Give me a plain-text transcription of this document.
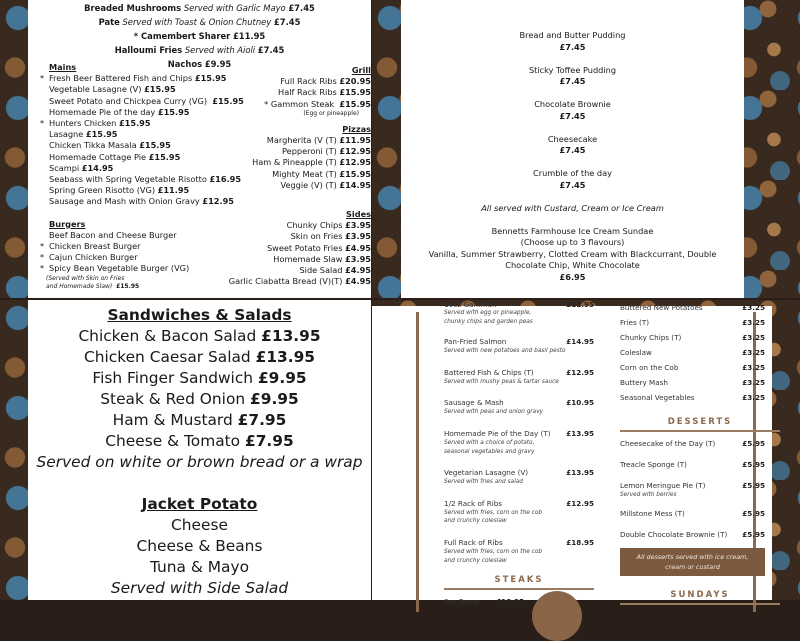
Breaded Mushrooms Served with Garlic Mayo £7.45
Pate Served with Toast & Onion Chutney £7.45
* Camembert Sharer £11.95
Halloumi Fries Served with Aioli £7.45
Nachos £9.95
Mains
* Fresh Beer Battered Fish and Chips £15.95
Vegetable Lasagne (V) £15.95
Sweet Potato and Chickpea Curry (VG) £15.95
Homemade Pie of the day £15.95
* Hunters Chicken £15.95
Lasagne £15.95
Chicken Tikka Masala £15.95
Homemade Cottage Pie £15.95
Scampi £14.95
Seabass with Spring Vegetable Risotto £16.95
Spring Green Risotto (VG) £11.95
Sausage and Mash with Onion Gravy £12.95
Burgers
Beef Bacon and Cheese Burger
* Chicken Breast Burger
* Cajun Chicken Burger
* Spicy Bean Vegetable Burger (VG)
(Served with Skin on Fries
and Homemade Slaw) £15.95
Grill
Full Rack Ribs £20.95
Half Rack Ribs £15.95
* Gammon Steak £15.95
(Egg or pineapple)
Pizzas
Margherita (V (T) £11.95
Pepperoni (T) £12.95
Ham & Pineapple (T) £12.95
Mighty Meat (T) £15.95
Veggie (V) (T) £14.95
Sides
Chunky Chips £3.95
Skin on Fries £3.95
Sweet Potato Fries £4.95
Homemade Slaw £3.95
Side Salad £4.95
Garlic Ciabatta Bread (V)(T) £4.95
Bread and Butter Pudding
£7.45
Sticky Toffee Pudding
£7.45
Chocolate Brownie
£7.45
Cheesecake
£7.45
Crumble of the day
£7.45
All served with Custard, Cream or Ice Cream
Bennetts Farmhouse Ice Cream Sundae
(Choose up to 3 flavours)
Vanilla, Summer Strawberry, Clotted Cream with Blackcurrant, Double
Chocolate Chip, White Chocolate
£6.95
Sandwiches & Salads
Chicken & Bacon Salad £13.95
Chicken Caesar Salad £13.95
Fish Finger Sandwich £9.95
Steak & Red Onion £9.95
Ham & Mustard £7.95
Cheese & Tomato £7.95
Served on white or brown bread or a wrap
Jacket Potato
Cheese
Cheese & Beans
Tuna & Mayo
Served with Side Salad
10oz Gammon	£11.95
Served with egg or pineapple,
chunky chips and garden peas
Pan-Fried Salmon	£14.95
Served with new potatoes and basil pesto
Battered Fish & Chips (T)	£12.95
Served with mushy peas & tartar sauce
Sausage & Mash	£10.95
Served with peas and onion gravy
Homemade Pie of the Day (T)	£13.95
Served with a choice of potato,
seasonal vegetables and gravy
Vegetarian Lasagne (V)	£13.95
Served with fries and salad
1/2 Rack of Ribs	£12.95
Served with fries, corn on the cob
and crunchy coleslaw
Full Rack of Ribs	£18.95
Served with fries, corn on the cob
and crunchy coleslaw
STEAKS
8oz Rump	£18.95
Buttered New Potatoes	£3.25
Fries (T)	£3.25
Chunky Chips (T)	£3.25
Coleslaw	£3.25
Corn on the Cob	£3.25
Buttery Mash	£3.25
Seasonal Vegetables	£3.25
DESSERTS
Cheesecake of the Day (T)	£5.95
Treacle Sponge (T)	£5.95
Lemon Meringue Pie (T)	£5.95
Served with berries
Millstone Mess (T)	£5.95
Double Chocolate Brownie (T)	£5.95
All desserts served with ice cream,
cream or custard
SUNDAYS
